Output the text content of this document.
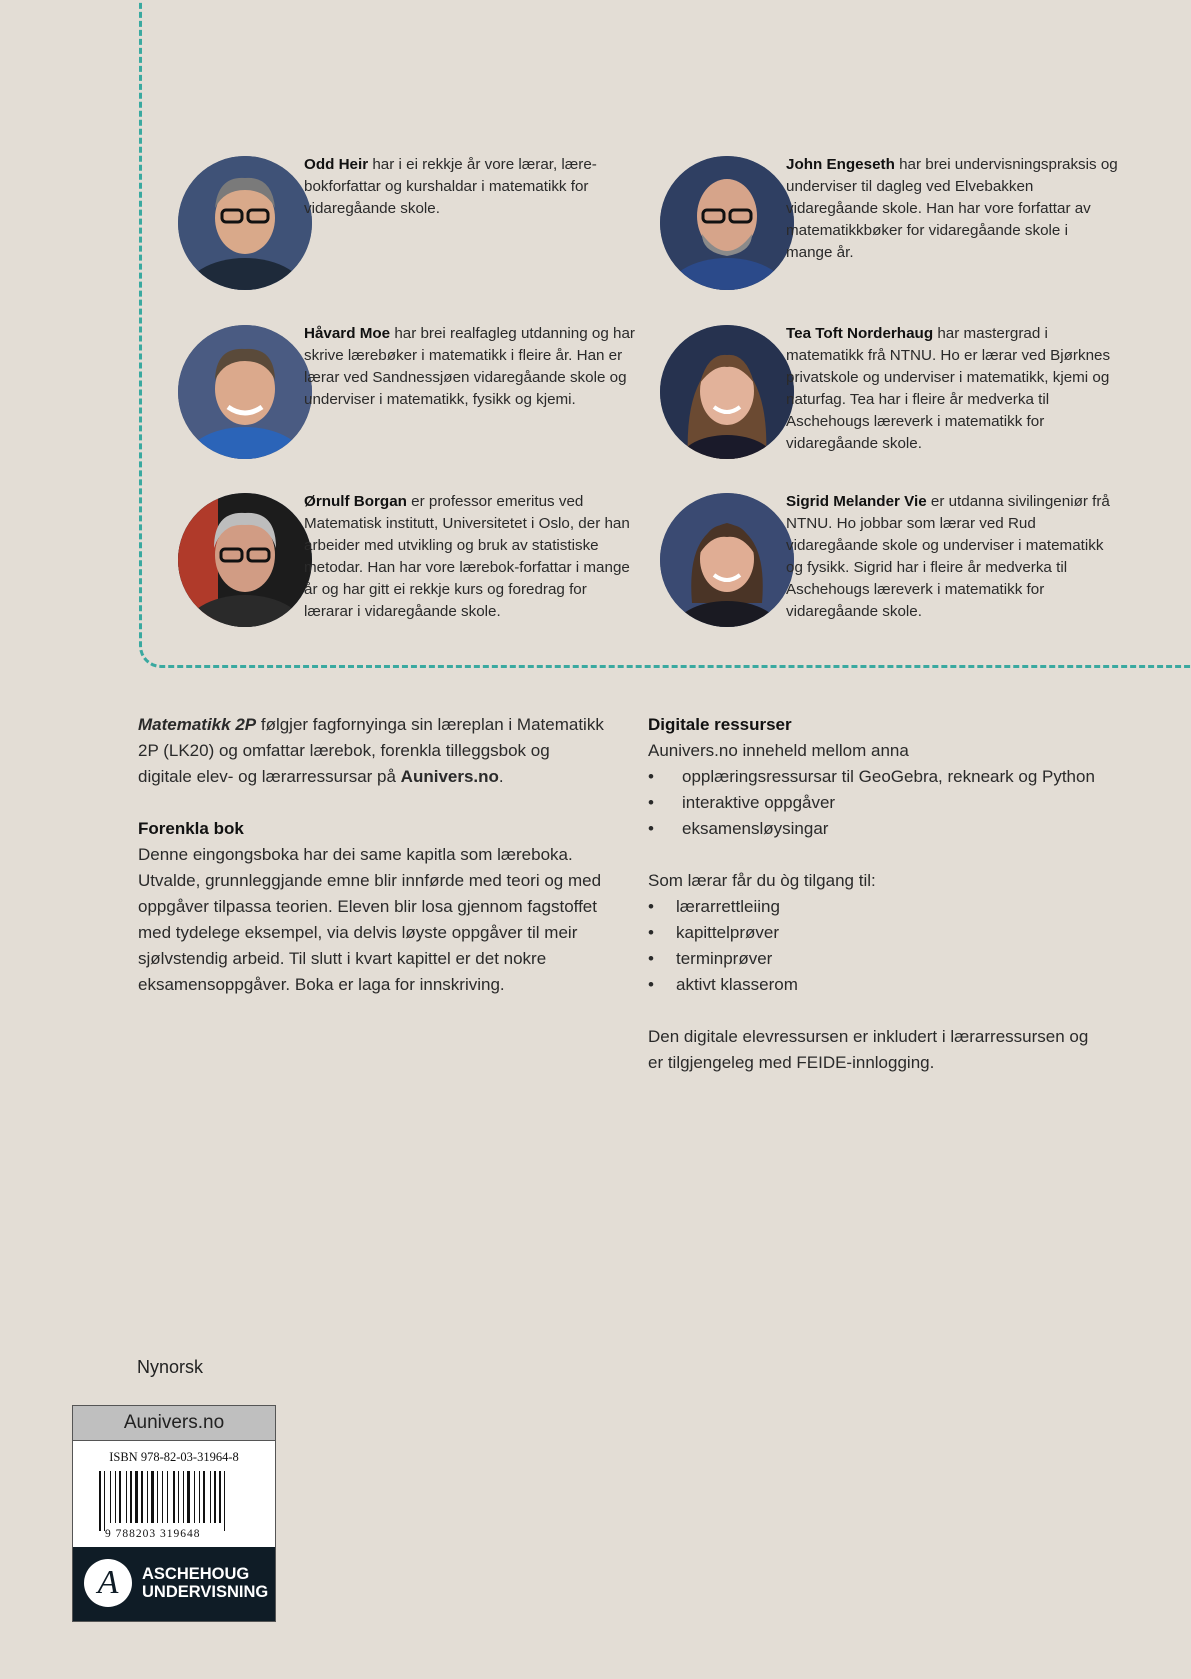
Odd Heir har i ei rekkje år vore lærar, lære-bokforfattar og kurshaldar i matematikk for vidaregåande skole.
John Engeseth har brei undervisningspraksis og underviser til dagleg ved Elvebakken vidaregåande skole. Han har vore forfattar av matematikkbøker for vidaregåande skole i mange år.
Håvard Moe har brei realfagleg utdanning og har skrive lærebøker i matematikk i fleire år. Han er lærar ved Sandnessjøen vidaregåande skole og underviser i matematikk, fysikk og kjemi.
Tea Toft Norderhaug har mastergrad i matematikk frå NTNU. Ho er lærar ved Bjørknes privatskole og underviser i matematikk, kjemi og naturfag. Tea har i fleire år medverka til Aschehougs læreverk i matematikk for vidaregåande skole.
Ørnulf Borgan er professor emeritus ved Matematisk institutt, Universitetet i Oslo, der han arbeider med utvikling og bruk av statistiske metodar. Han har vore lærebok-forfattar i mange år og har gitt ei rekkje kurs og foredrag for lærarar i vidaregåande skole.
Sigrid Melander Vie er utdanna sivilingeniør frå NTNU. Ho jobbar som lærar ved Rud vidaregåande skole og underviser i matematikk og fysikk. Sigrid har i fleire år medverka til Aschehougs læreverk i matematikk for vidaregåande skole.

Matematikk 2P følgjer fagfornyinga sin læreplan i Matematikk 2P (LK20) og omfattar lærebok, forenkla tilleggsbok og digitale elev- og lærarressursar på Aunivers.no.

Forenkla bok

Denne eingongsboka har dei same kapitla som læreboka. Utvalde, grunnleggjande emne blir innførde med teori og med oppgåver tilpassa teorien. Eleven blir losa gjennom fagstoffet med tydelege eksempel, via delvis løyste oppgåver til meir sjølvstendig arbeid. Til slutt i kvart kapittel er det nokre eksamensoppgåver. Boka er laga for innskriving.

Digitale ressurser
Aunivers.no inneheld mellom anna
• opplæringsressursar til GeoGebra, rekneark og Python
• interaktive oppgåver
• eksamensløysingar
Som lærar får du òg tilgang til:
• lærarrettleiing
• kapittelprøver
• terminprøver
• aktivt klasserom

Den digitale elevressursen er inkludert i lærarressursen og er tilgjengeleg med FEIDE-innlogging.

Nynorsk
Aunivers.no
ISBN 978-82-03-31964-8
9 788203 319648
A	ASCHEHOUG
UNDERVISNING
